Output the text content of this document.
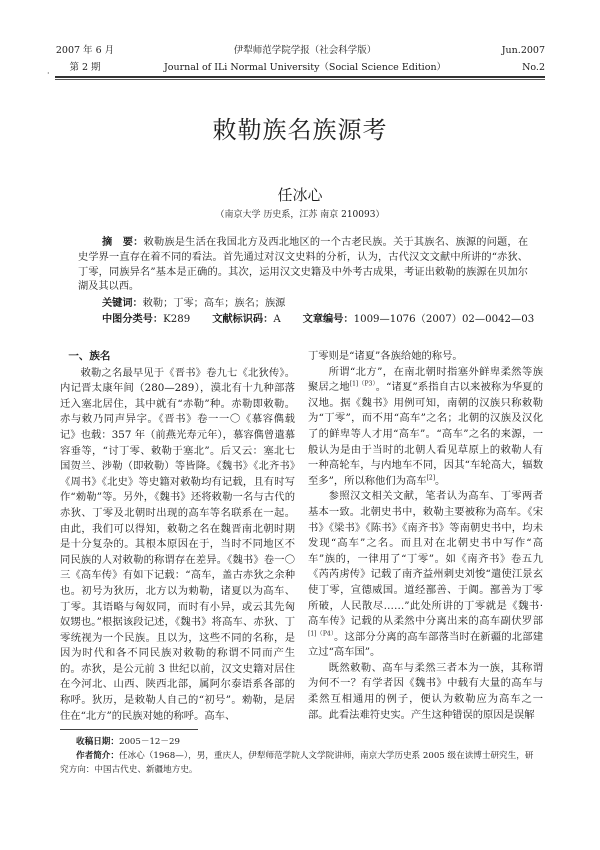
2007 年 6 月	伊犁师范学院学报（社会科学版）	Jun.2007
第 2 期	Journal of ILi Normal University（Social Science Edition）	No.2
·
敕勒族名族源考
任冰心
（南京大学 历史系，江苏 南京 210093）
摘　要：敕勒族是生活在我国北方及西北地区的一个古老民族。关于其族名、族源的问题，在史学界一直存在着不同的看法。首先通过对汉文史料的分析，认为，古代汉文文献中所讲的“赤狄、丁零，同族异名”基本是正确的。其次，运用汉文史籍及中外考古成果，考证出敕勒的族源在贝加尔湖及其以西。
关键词：敕勒；丁零；高车；族名；族源
中图分类号：K289 文献标识码：A 文章编号：1009—1076（2007）02—0042—03
一、族名

敕勒之名最早见于《晋书》卷九七《北狄传》。内记晋太康年间（280—289），漠北有十九种部落迁入塞北居住，其中就有“赤勒”种。赤勒即敕勒。赤与敕乃同声异字。《晋书》卷一一〇《慕容儁载记》也载：357 年（前燕光寿元年），慕容儁曾遣慕容垂等，“讨丁零、敕勒于塞北”。后又云：塞北七国贺兰、涉勒（即敕勒）等皆降。《魏书》《北齐书》《周书》《北史》等史籍对敕勒均有记载，且有时写作“勑勒”等。另外，《魏书》还将敕勒一名与古代的赤狄、丁零及北朝时出现的高车等名联系在一起。由此，我们可以得知，敕勒之名在魏晋南北朝时期是十分复杂的。其根本原因在于，当时不同地区不同民族的人对敕勒的称谓存在差异。《魏书》卷一〇三《高车传》有如下记载：“高车，盖古赤狄之余种也。初号为狄历，北方以为勑勒，诸夏以为高车、丁零。其语略与匈奴同，而时有小异，或云其先匈奴甥也。”根据该段记述，《魏书》将高车、赤狄、丁零统视为一个民族。且以为，这些不同的名称，是因为时代和各不同民族对敕勒的称谓不同而产生的。赤狄，是公元前 3 世纪以前，汉文史籍对居住在今河北、山西、陕西北部，属阿尔泰语系各部的称呼。狄历，是敕勒人自己的“初号”。勑勒，是居住在“北方”的民族对她的称呼。高车、

丁零则是“诸夏”各族给她的称号。

所谓“北方”，在南北朝时指塞外鲜卑柔然等族聚居之地$^{[1](P3)}$。“诸夏”系指自古以来被称为华夏的汉地。据《魏书》用例可知，南朝的汉族只称敕勒为“丁零”，而不用“高车”之名；北朝的汉族及汉化了的鲜卑等人才用“高车”。“高车”之名的来源，一般认为是由于当时的北朝人看见草原上的敕勒人有一种高轮车，与内地车不同，因其“车轮高大，辐数至多”，所以称他们为高车[2]。

参照汉文相关文献，笔者认为高车、丁零两者基本一致。北朝史书中，敕勒主要被称为高车。《宋书》《梁书》《陈书》《南齐书》等南朝史书中，均未发现“高车”之名。而且对在北朝史书中写作“高车”族的，一律用了“丁零”。如《南齐书》卷五九《芮芮虏传》记载了南齐益州刺史刘悛“遣使江景玄使丁零，宣德威国。道经鄯善、于阗。鄯善为丁零所破，人民散尽……”此处所讲的丁零就是《魏书·高车传》记载的从柔然中分离出来的高车副伏罗部$^{[1](P4)}$。这部分分离的高车部落当时在新疆的北部建立过“高车国”。

既然敕勒、高车与柔然三者本为一族，其称谓为何不一？有学者因《魏书》中载有大量的高车与柔然互相通用的例子，便认为敕勒应为高车之一部。此看法难符史实。产生这种错误的原因是误解

收稿日期：2005－12－29
作者简介：任冰心（1968—），男，重庆人，伊犁师范学院人文学院讲师，南京大学历史系 2005 级在读博士研究生，研究方向：中国古代史、新疆地方史。
